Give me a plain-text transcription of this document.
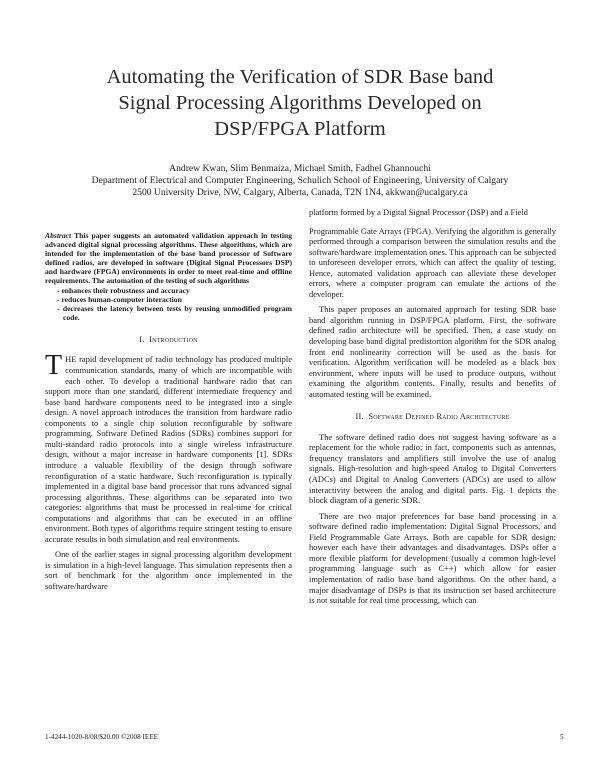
Automating the Verification of SDR Base band
Signal Processing Algorithms Developed on
DSP/FPGA Platform
Andrew Kwan, Slim Benmaiza, Michael Smith, Fadhel Ghannouchi
Department of Electrical and Computer Engineering, Schulich School of Engineering, University of Calgary
2500 University Drive, NW, Calgary, Alberta, Canada, T2N 1N4, akkwan@ucalgary.ca
Abstract This paper suggests an automated validation approach in testing advanced digital signal processing algorithms. These algorithms, which are intended for the implementation of the base band processor of Software defined radios, are developed in software (Digital Signal Processors DSP) and hardware (FPGA) environments in order to meet real-time and offline requirements. The automation of the testing of such algorithms
- enhances their robustness and accuracy
- reduces human-computer interaction
- decreases the latency between tests by reusing unmodified program code.
I. Introduction

THE rapid development of radio technology has produced multiple communication standards, many of which are incompatible with each other. To develop a traditional hardware radio that can support more than one standard, different intermediate frequency and base band hardware components need to be integrated into a single design. A novel approach introduces the transition from hardware radio components to a single chip solution reconfigurable by software programming. Software Defined Radios (SDRs) combines support for multi-standard radio protocols into a single wireless infrastructure design, without a major increase in hardware components [1]. SDRs introduce a valuable flexibility of the design through software reconfiguration of a static hardware. Such reconfiguration is typically implemented in a digital base band processor that runs advanced signal processing algorithms. These algorithms can be separated into two categories: algorithms that must be processed in real-time for critical computations and algorithms that can be executed in an offline environment. Both types of algorithms require stringent testing to ensure accurate results in both simulation and real environments.

One of the earlier stages in signal processing algorithm development is simulation in a high-level language. This simulation represents then a sort of benchmark for the algorithm once implemented in the software/hardware

platform formed by a Digital Signal Processor (DSP) and a Field

Programmable Gate Arrays (FPGA). Verifying the algorithm is generally performed through a comparison between the simulation results and the software/hardware implementation ones. This approach can be subjected to unforeseen developer errors, which can affect the quality of testing. Hence, automated validation approach can alleviate these developer errors, where a computer program can emulate the actions of the developer.

This paper proposes an automated approach for testing SDR base band algorithm running in DSP/FPGA platform. First, the software defined radio architecture will be specified. Then, a case study on developing base band digital predistortion algorithm for the SDR analog front end nonlinearity correction will be used as the basis for verification. Algorithm verification will be modeled as a black box environment, where inputs will be used to produce outputs, without examining the algorithm contents. Finally, results and benefits of automated testing will be examined.

II. Software Defined Radio Architecture

The software defined radio does not suggest having software as a replacement for the whole radio; in fact, components such as antennas, frequency translators and amplifiers still involve the use of analog signals. High-resolution and high-speed Analog to Digital Converters (ADCs) and Digital to Analog Converters (ADCs) are used to allow interactivity between the analog and digital parts. Fig. 1 depicts the block diagram of a generic SDR.

There are two major preferences for base band processing in a software defined radio implementation: Digital Signal Processors, and Field Programmable Gate Arrays. Both are capable for SDR design; however each have their advantages and disadvantages. DSPs offer a more flexible platform for development (usually a common high-level programming language such as C++) which allow for easier implementation of radio base band algorithms. On the other hand, a major disadvantage of DSPs is that its instruction set based architecture is not suitable for real time processing, which can

1-4244-1020-8/08/$20.00 ©2008 IEEE	5
